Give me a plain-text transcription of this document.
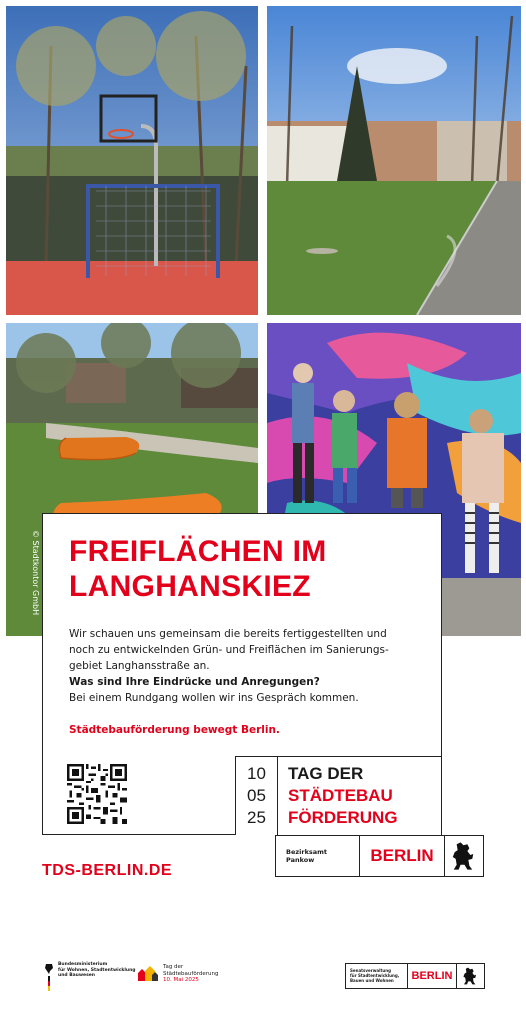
© Stadtkontor GmbH FREIFLÄCHEN IM
LANGHANSKIEZ

Wir schauen uns gemeinsam die bereits fertiggestellten und

noch zu entwickelnden Grün- und Freiflächen im Sanierungs-

gebiet Langhansstraße an.

Was sind Ihre Eindrücke und Anregungen?

Bei einem Rundgang wollen wir ins Gespräch kommen.

Städtebauförderung bewegt Berlin.
10
05
25
TAG DER
STÄDTEBAU
FÖRDERUNG
Bezirksamt
Pankow	BERLIN
TDS-BERLIN.DE
Bundesministerium
für Wohnen, Stadtentwicklung
und Bauwesen
Tag der
Städtebauförderung
10. Mai 2025
Senatsverwaltung
für Stadtentwicklung,
Bauen und Wohnen	BERLIN
